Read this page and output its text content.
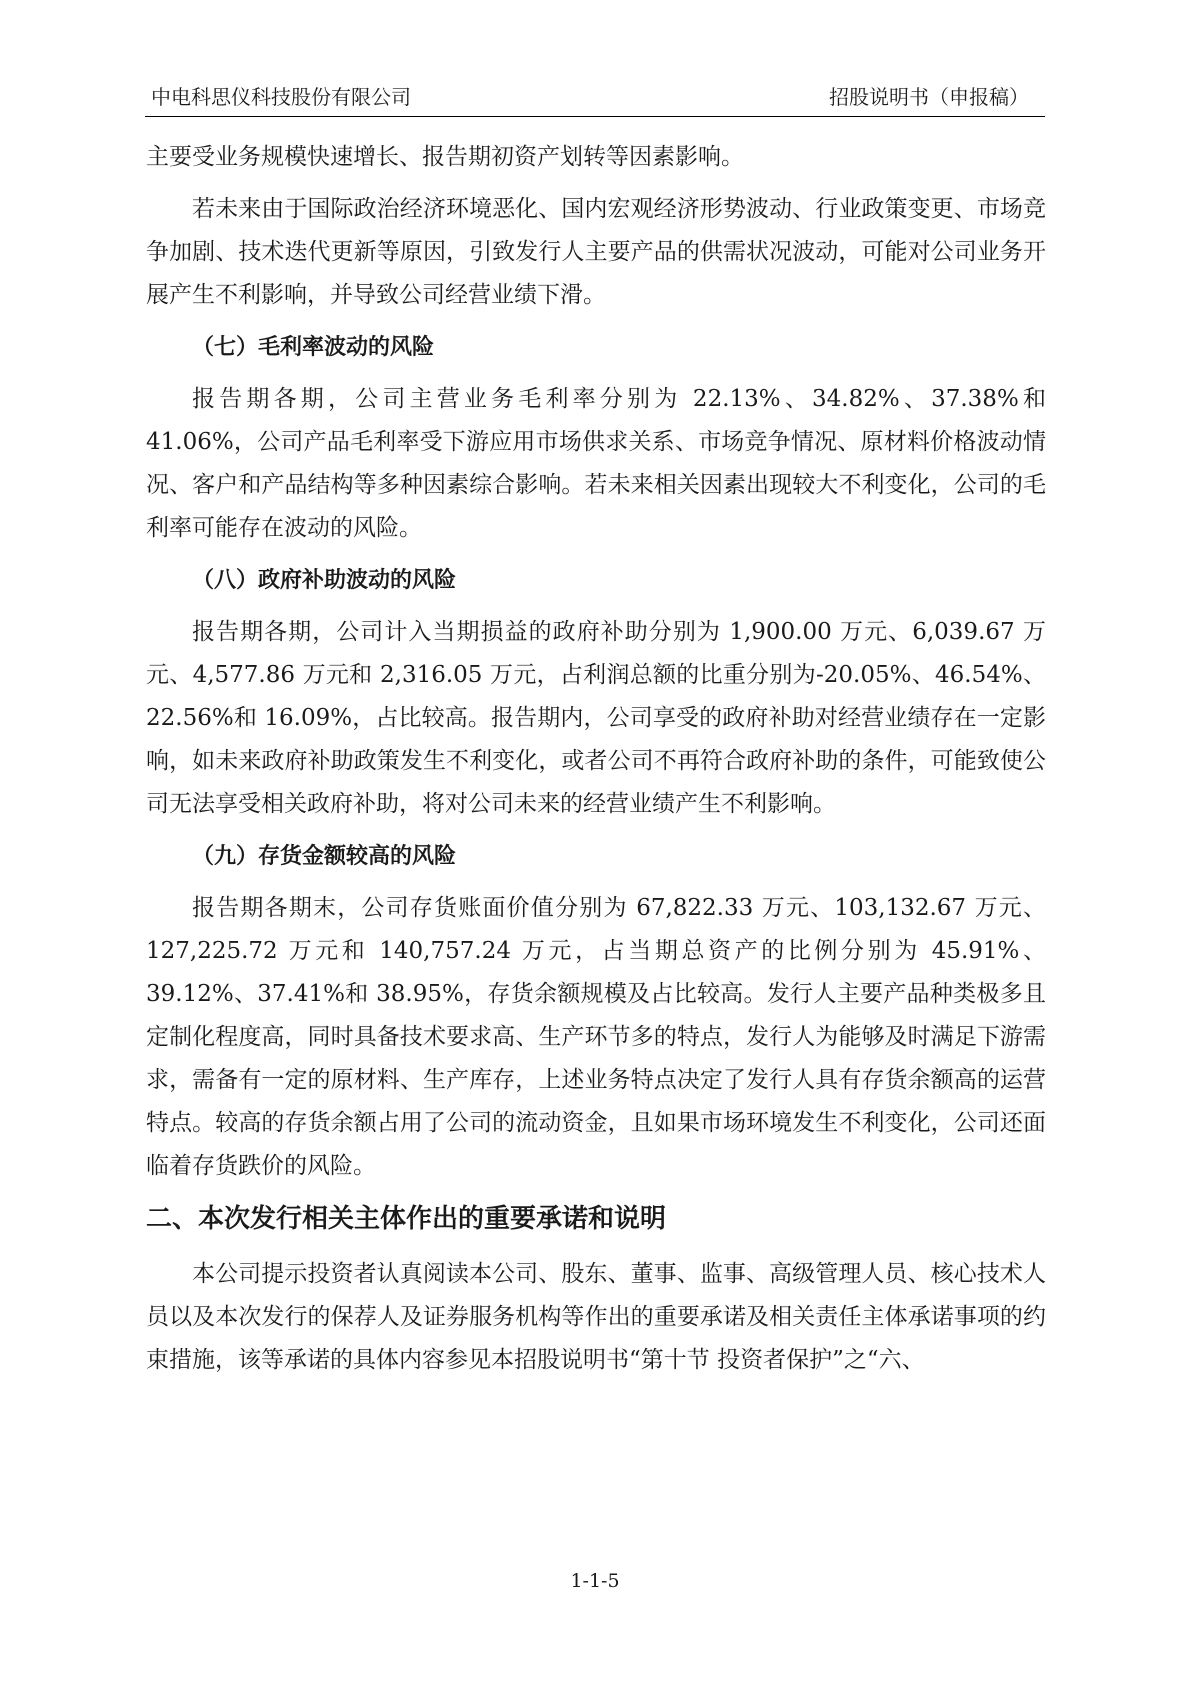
中电科思仪科技股份有限公司	招股说明书（申报稿）

主要受业务规模快速增长、报告期初资产划转等因素影响。

若未来由于国际政治经济环境恶化、国内宏观经济形势波动、行业政策变更、市场竞争加剧、技术迭代更新等原因，引致发行人主要产品的供需状况波动，可能对公司业务开展产生不利影响，并导致公司经营业绩下滑。

（七）毛利率波动的风险

报告期各期，公司主营业务毛利率分别为 22.13%、34.82%、37.38%和 41.06%，公司产品毛利率受下游应用市场供求关系、市场竞争情况、原材料价格波动情况、客户和产品结构等多种因素综合影响。若未来相关因素出现较大不利变化，公司的毛利率可能存在波动的风险。

（八）政府补助波动的风险

报告期各期，公司计入当期损益的政府补助分别为 1,900.00 万元、6,039.67 万元、4,577.86 万元和 2,316.05 万元，占利润总额的比重分别为-20.05%、46.54%、22.56%和 16.09%，占比较高。报告期内，公司享受的政府补助对经营业绩存在一定影响，如未来政府补助政策发生不利变化，或者公司不再符合政府补助的条件，可能致使公司无法享受相关政府补助，将对公司未来的经营业绩产生不利影响。

（九）存货金额较高的风险

报告期各期末，公司存货账面价值分别为 67,822.33 万元、103,132.67 万元、127,225.72 万元和 140,757.24 万元，占当期总资产的比例分别为 45.91%、39.12%、37.41%和 38.95%，存货余额规模及占比较高。发行人主要产品种类极多且定制化程度高，同时具备技术要求高、生产环节多的特点，发行人为能够及时满足下游需求，需备有一定的原材料、生产库存，上述业务特点决定了发行人具有存货余额高的运营特点。较高的存货余额占用了公司的流动资金，且如果市场环境发生不利变化，公司还面临着存货跌价的风险。

二、本次发行相关主体作出的重要承诺和说明

本公司提示投资者认真阅读本公司、股东、董事、监事、高级管理人员、核心技术人员以及本次发行的保荐人及证券服务机构等作出的重要承诺及相关责任主体承诺事项的约束措施，该等承诺的具体内容参见本招股说明书“第十节 投资者保护”之“六、

1-1-5
